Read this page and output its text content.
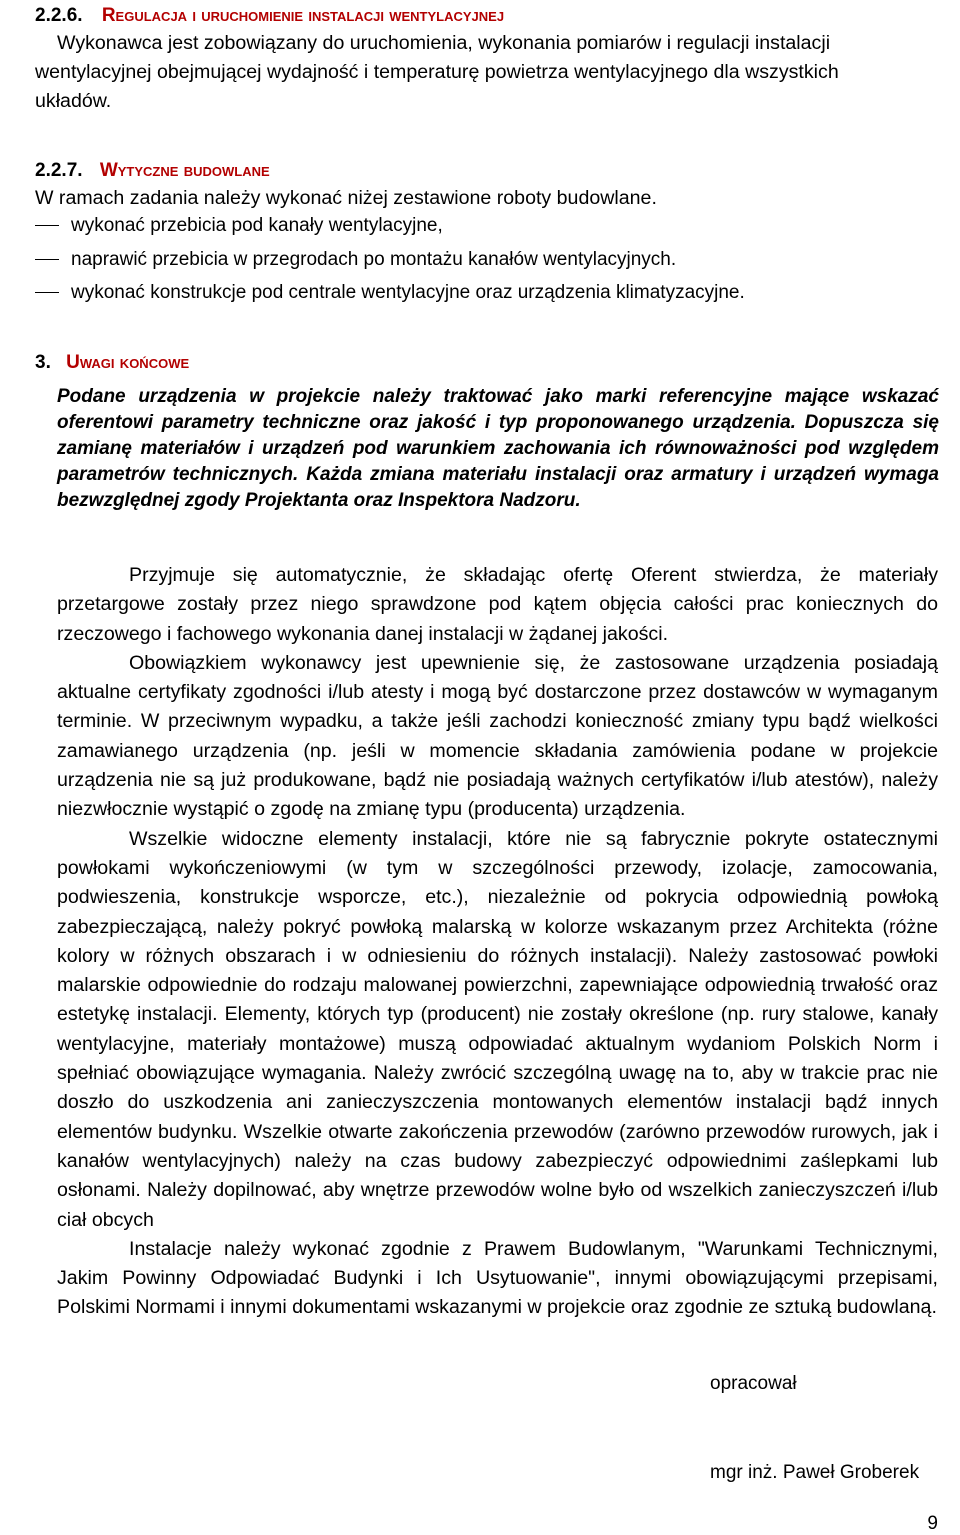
2.2.6. Regulacja i uruchomienie instalacji wentylacyjnej
Wykonawca jest zobowiązany do uruchomienia, wykonania pomiarów i regulacji instalacji
wentylacyjnej obejmującej wydajność i temperaturę powietrza wentylacyjnego dla wszystkich
układów.
2.2.7. Wytyczne budowlane
W ramach zadania należy wykonać niżej zestawione roboty budowlane.
wykonać przebicia pod kanały wentylacyjne,
naprawić przebicia w przegrodach po montażu kanałów wentylacyjnych.
wykonać konstrukcje pod centrale wentylacyjne oraz urządzenia klimatyzacyjne.
3. Uwagi końcowe
Podane urządzenia w projekcie należy traktować jako marki referencyjne mające wskazać oferentowi parametry techniczne oraz jakość i typ proponowanego urządzenia. Dopuszcza się zamianę materiałów i urządzeń pod warunkiem zachowania ich równoważności pod względem parametrów technicznych. Każda zmiana materiału instalacji oraz armatury i urządzeń wymaga bezwzględnej zgody Projektanta oraz Inspektora Nadzoru.

Przyjmuje się automatycznie, że składając ofertę Oferent stwierdza, że materiały przetargowe zostały przez niego sprawdzone pod kątem objęcia całości prac koniecznych do rzeczowego i fachowego wykonania danej instalacji w żądanej jakości.

Obowiązkiem wykonawcy jest upewnienie się, że zastosowane urządzenia posiadają aktualne certyfikaty zgodności i/lub atesty i mogą być dostarczone przez dostawców w wymaganym terminie. W przeciwnym wypadku, a także jeśli zachodzi konieczność zmiany typu bądź wielkości zamawianego urządzenia (np. jeśli w momencie składania zamówienia podane w projekcie urządzenia nie są już produkowane, bądź nie posiadają ważnych certyfikatów i/lub atestów), należy niezwłocznie wystąpić o zgodę na zmianę typu (producenta) urządzenia.

Wszelkie widoczne elementy instalacji, które nie są fabrycznie pokryte ostatecznymi powłokami wykończeniowymi (w tym w szczególności przewody, izolacje, zamocowania, podwieszenia, konstrukcje wsporcze, etc.), niezależnie od pokrycia odpowiednią powłoką zabezpieczającą, należy pokryć powłoką malarską w kolorze wskazanym przez Architekta (różne kolory w różnych obszarach i w odniesieniu do różnych instalacji). Należy zastosować powłoki malarskie odpowiednie do rodzaju malowanej powierzchni, zapewniające odpowiednią trwałość oraz estetykę instalacji. Elementy, których typ (producent) nie zostały określone (np. rury stalowe, kanały wentylacyjne, materiały montażowe) muszą odpowiadać aktualnym wydaniom Polskich Norm i spełniać obowiązujące wymagania. Należy zwrócić szczególną uwagę na to, aby w trakcie prac nie doszło do uszkodzenia ani zanieczyszczenia montowanych elementów instalacji bądź innych elementów budynku. Wszelkie otwarte zakończenia przewodów (zarówno przewodów rurowych, jak i kanałów wentylacyjnych) należy na czas budowy zabezpieczyć odpowiednimi zaślepkami lub osłonami. Należy dopilnować, aby wnętrze przewodów wolne było od wszelkich zanieczyszczeń i/lub ciał obcych

Instalacje należy wykonać zgodnie z Prawem Budowlanym, "Warunkami Technicznymi, Jakim Powinny Odpowiadać Budynki i Ich Usytuowanie", innymi obowiązującymi przepisami, Polskimi Normami i innymi dokumentami wskazanymi w projekcie oraz zgodnie ze sztuką budowlaną.

opracował
mgr inż. Paweł Groberek
9
